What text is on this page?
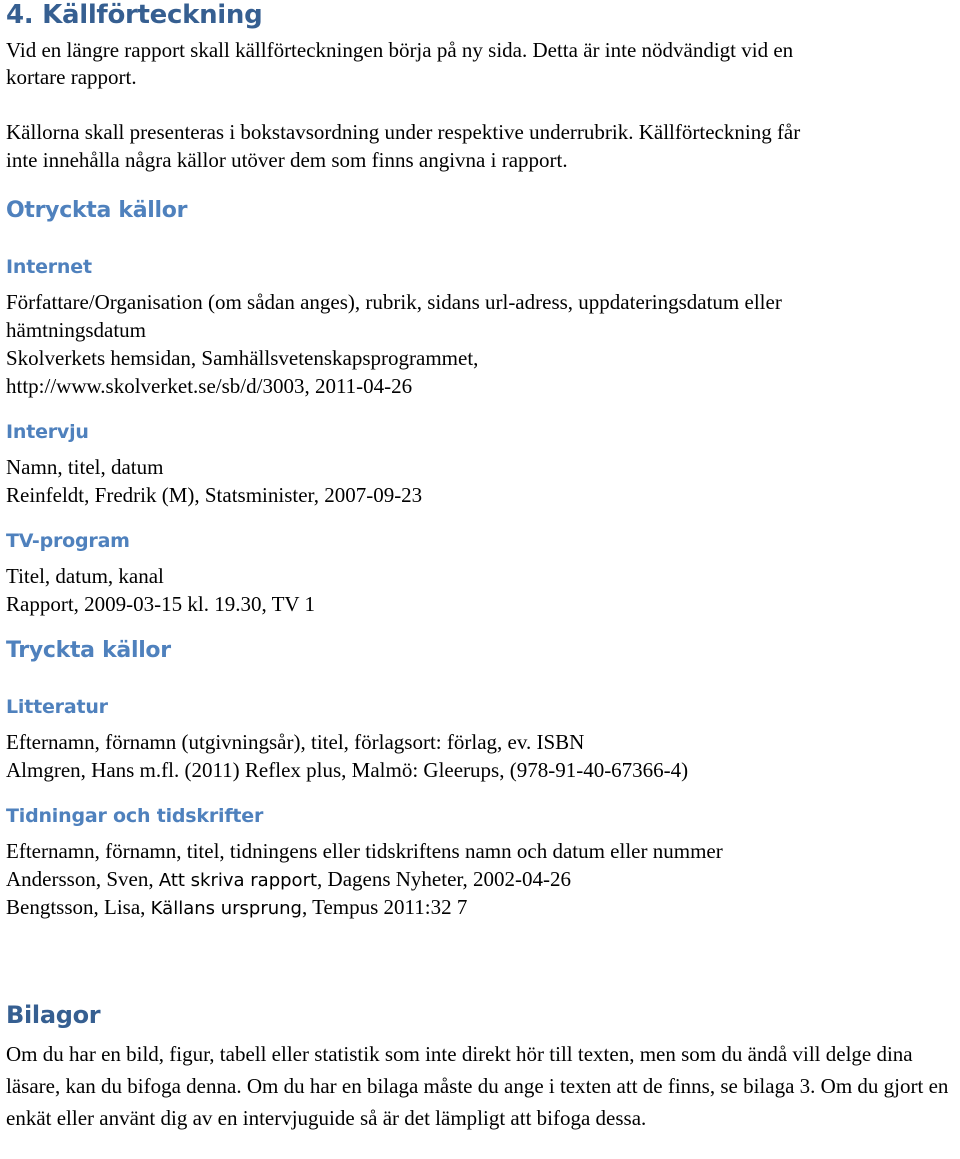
4. Källförteckning

Vid en längre rapport skall källförteckningen börja på ny sida. Detta är inte nödvändigt vid en

kortare rapport.

Källorna skall presenteras i bokstavsordning under respektive underrubrik. Källförteckning får

inte innehålla några källor utöver dem som finns angivna i rapport.

Otryckta källor
Internet

Författare/Organisation (om sådan anges), rubrik, sidans url-adress, uppdateringsdatum eller

hämtningsdatum

Skolverkets hemsidan, Samhällsvetenskapsprogrammet,

http://www.skolverket.se/sb/d/3003, 2011-04-26

Intervju

Namn, titel, datum

Reinfeldt, Fredrik (M), Statsminister, 2007-09-23

TV-program

Titel, datum, kanal

Rapport, 2009-03-15 kl. 19.30, TV 1

Tryckta källor
Litteratur

Efternamn, förnamn (utgivningsår), titel, förlagsort: förlag, ev. ISBN

Almgren, Hans m.fl. (2011) Reflex plus, Malmö: Gleerups, (978-91-40-67366-4)

Tidningar och tidskrifter

Efternamn, förnamn, titel, tidningens eller tidskriftens namn och datum eller nummer

Andersson, Sven, Att skriva rapport, Dagens Nyheter, 2002-04-26

Bengtsson, Lisa, Källans ursprung, Tempus 2011:32 7

Bilagor

Om du har en bild, figur, tabell eller statistik som inte direkt hör till texten, men som du ändå vill delge dina läsare, kan du bifoga denna. Om du har en bilaga måste du ange i texten att de finns, se bilaga 3. Om du gjort en enkät eller använt dig av en intervjuguide så är det lämpligt att bifoga dessa.
